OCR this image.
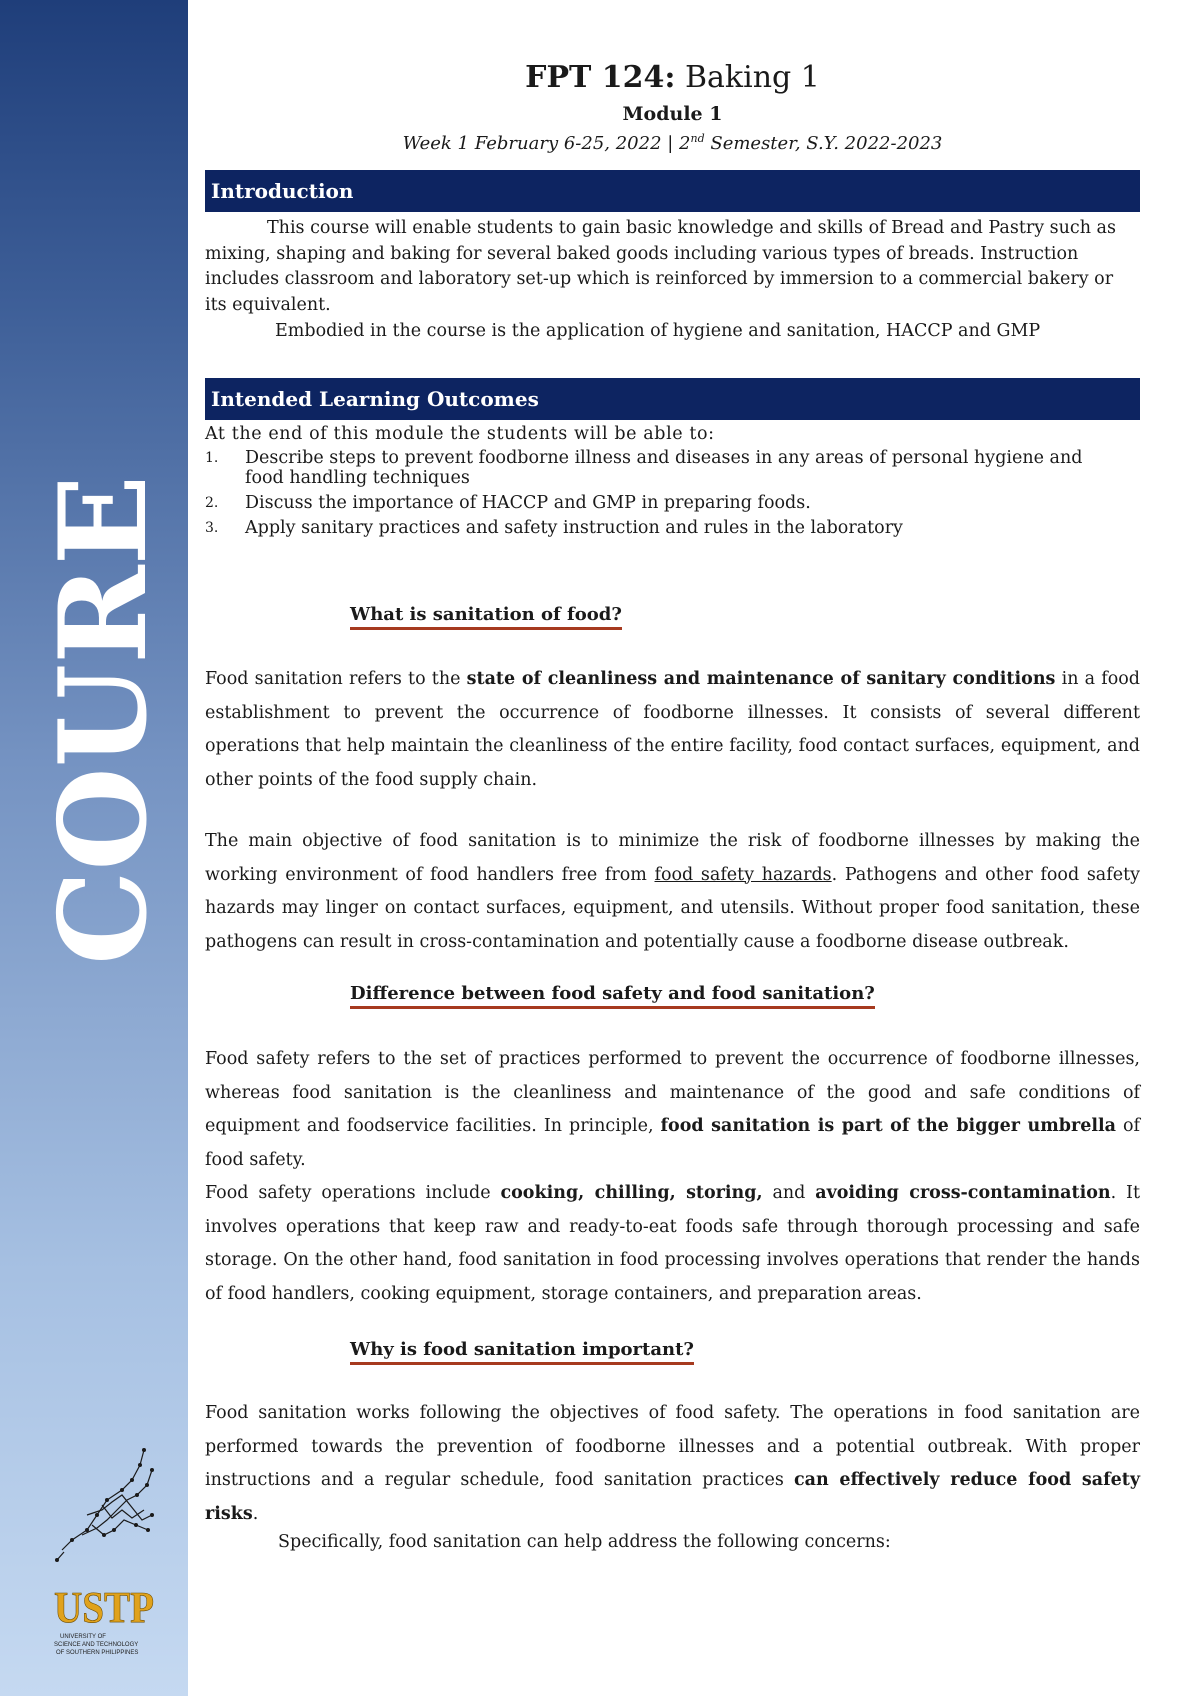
COURE
USTP
UNIVERSITY OF
SCIENCE AND TECHNOLOGY
OF SOUTHERN PHILIPPINES
FPT 124: Baking 1
Module 1
Week 1 February 6-25, 2022 | 2nd Semester, S.Y. 2022-2023
Introduction
This course will enable students to gain basic knowledge and skills of Bread and Pastry such as mixing, shaping and baking for several baked goods including various types of breads. Instruction includes classroom and laboratory set-up which is reinforced by immersion to a commercial bakery or its equivalent.
Embodied in the course is the application of hygiene and sanitation, HACCP and GMP
Intended Learning Outcomes
At the end of this module the students will be able to:
1. Describe steps to prevent foodborne illness and diseases in any areas of personal hygiene and food handling techniques
2. Discuss the importance of HACCP and GMP in preparing foods.
3. Apply sanitary practices and safety instruction and rules in the laboratory
What is sanitation of food?
Food sanitation refers to the state of cleanliness and maintenance of sanitary conditions in a food establishment to prevent the occurrence of foodborne illnesses. It consists of several different operations that help maintain the cleanliness of the entire facility, food contact surfaces, equipment, and other points of the food supply chain.
The main objective of food sanitation is to minimize the risk of foodborne illnesses by making the working environment of food handlers free from food safety hazards. Pathogens and other food safety hazards may linger on contact surfaces, equipment, and utensils. Without proper food sanitation, these pathogens can result in cross-contamination and potentially cause a foodborne disease outbreak.
Difference between food safety and food sanitation?
Food safety refers to the set of practices performed to prevent the occurrence of foodborne illnesses, whereas food sanitation is the cleanliness and maintenance of the good and safe conditions of equipment and foodservice facilities. In principle, food sanitation is part of the bigger umbrella of food safety.
Food safety operations include cooking, chilling, storing, and avoiding cross-contamination. It involves operations that keep raw and ready-to-eat foods safe through thorough processing and safe storage. On the other hand, food sanitation in food processing involves operations that render the hands of food handlers, cooking equipment, storage containers, and preparation areas.
Why is food sanitation important?
Food sanitation works following the objectives of food safety. The operations in food sanitation are performed towards the prevention of foodborne illnesses and a potential outbreak. With proper instructions and a regular schedule, food sanitation practices can effectively reduce food safety risks.
Specifically, food sanitation can help address the following concerns:
